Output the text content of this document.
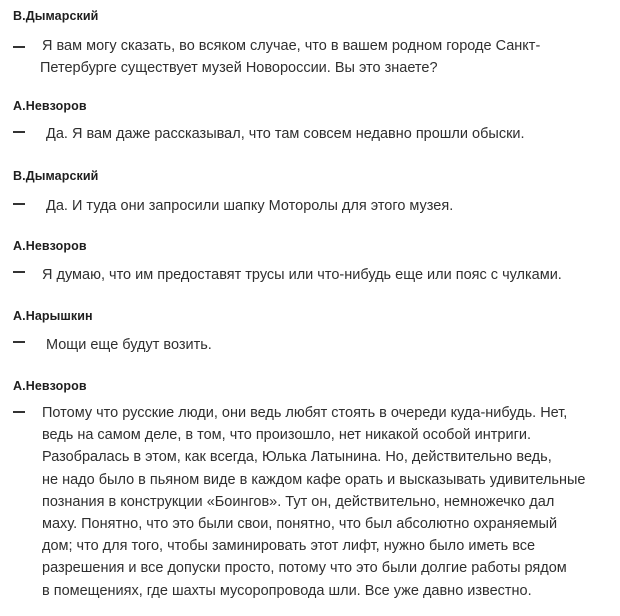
В.Дымарский

Я вам могу сказать, во всяком случае, что в вашем родном городе Санкт-
Петербурге существует музей Новороссии. Вы это знаете?

А.Невзоров

Да. Я вам даже рассказывал, что там совсем недавно прошли обыски.

В.Дымарский

Да. И туда они запросили шапку Моторолы для этого музея.

А.Невзоров

Я думаю, что им предоставят трусы или что-нибудь еще или пояс с чулками.

А.Нарышкин

Мощи еще будут возить.

А.Невзоров

Потому что русские люди, они ведь любят стоять в очереди куда-нибудь. Нет,
ведь на самом деле, в том, что произошло, нет никакой особой интриги.
Разобралась в этом, как всегда, Юлька Латынина. Но, действительно ведь,
не надо было в пьяном виде в каждом кафе орать и высказывать удивительные
познания в конструкции «Боингов». Тут он, действительно, немножечко дал
маху. Понятно, что это были свои, понятно, что был абсолютно охраняемый
дом; что для того, чтобы заминировать этот лифт, нужно было иметь все
разрешения и все допуски просто, потому что это были долгие работы рядом
в помещениях, где шахты мусоропровода шли. Все уже давно известно.
